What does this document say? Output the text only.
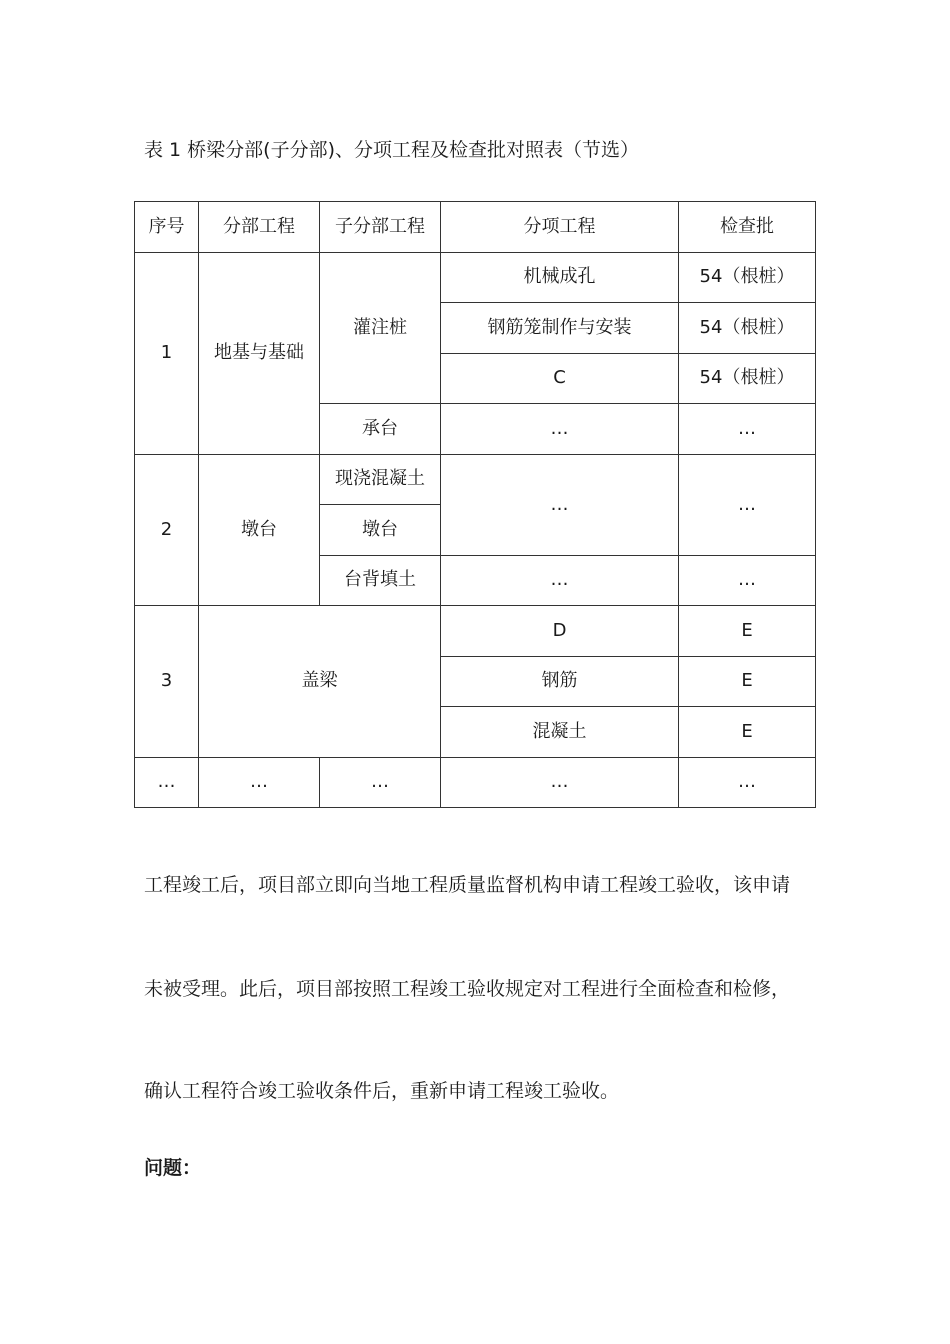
表 1 桥梁分部(子分部)、分项工程及检查批对照表（节选）
序号	分部工程	子分部工程	分项工程	检查批
1	地基与基础	灌注桩	机械成孔	54（根桩）
			钢筋笼制作与安装	54（根桩）
			C	54（根桩）
		承台	…	…
2	墩台	现浇混凝土	…	…
		墩台		
		台背填土	…	…
3	盖梁		D	E
			钢筋	E
			混凝土	E
…	…	…	…	…
工程竣工后，项目部立即向当地工程质量监督机构申请工程竣工验收，该申请
未被受理。此后，项目部按照工程竣工验收规定对工程进行全面检查和检修，
确认工程符合竣工验收条件后，重新申请工程竣工验收。
问题：
